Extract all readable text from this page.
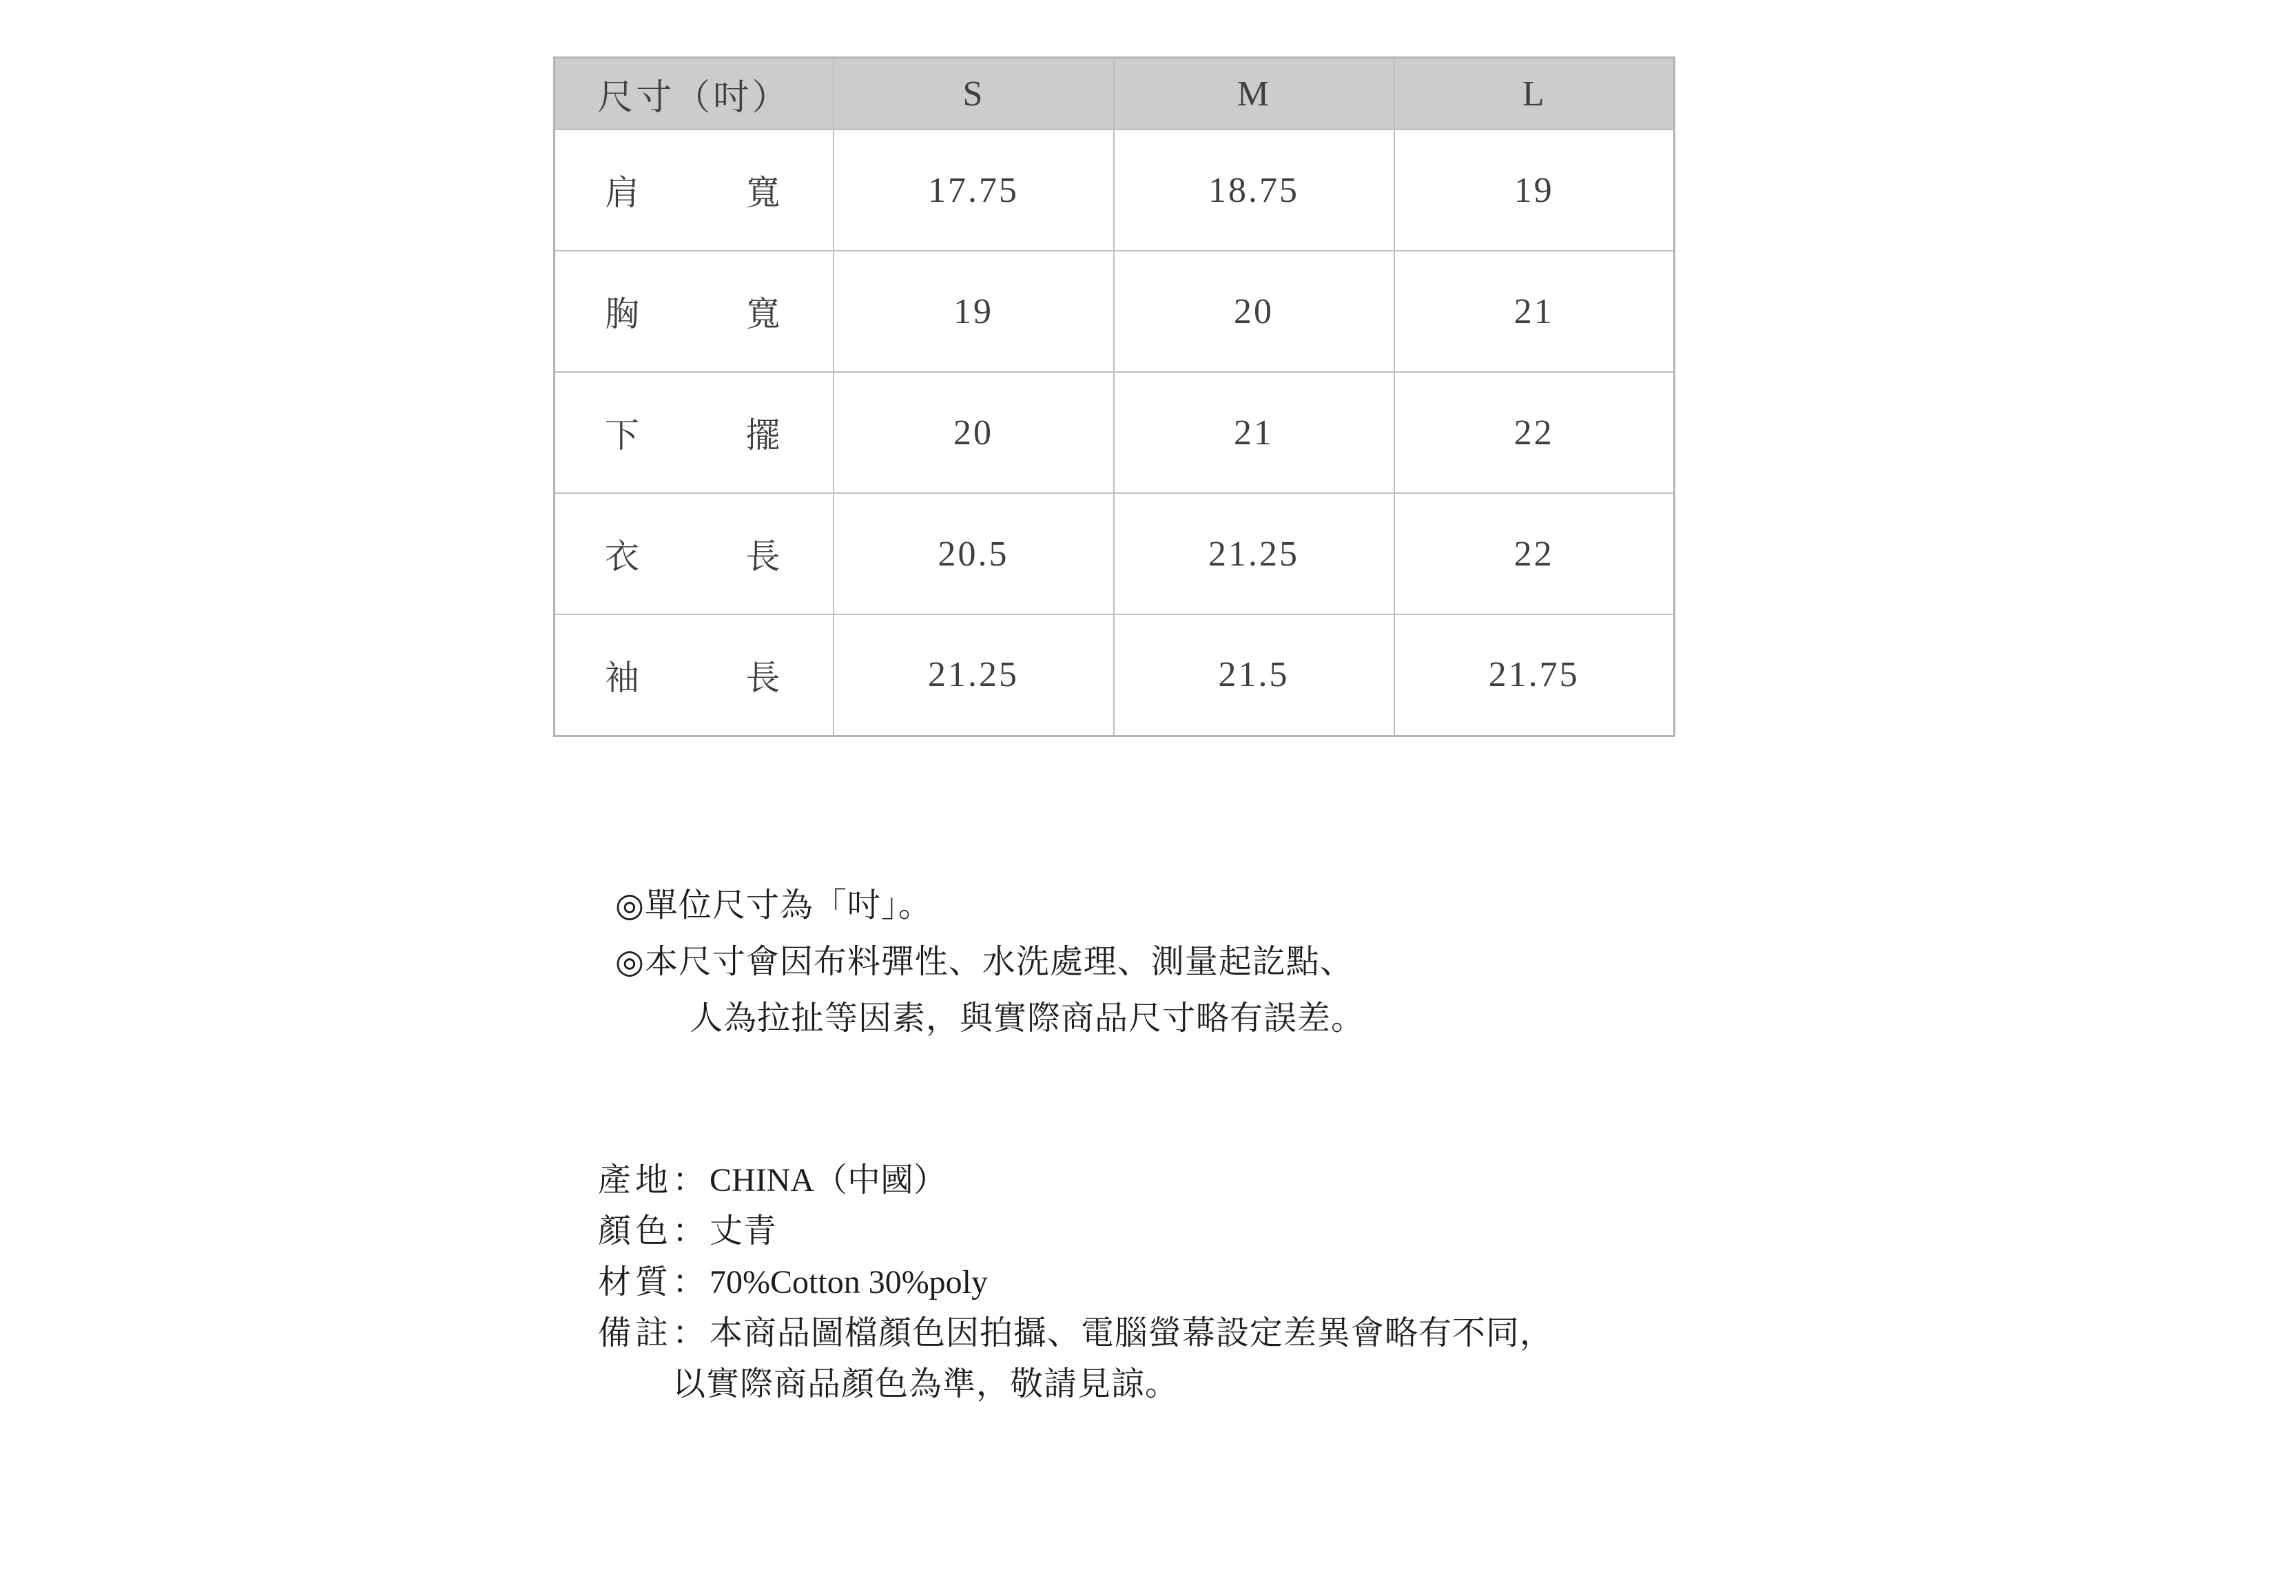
尺寸（吋）	S	M	L

肩 寬	17.75	18.75	19

胸 寬	19	20	21

下 擺	20	21	22

衣 長	20.5	21.25	22

袖 長	21.25	21.5	21.75
◎單位尺寸為「吋」。
◎本尺寸會因布料彈性、水洗處理、測量起訖點、
人為拉扯等因素，與實際商品尺寸略有誤差。
產地：CHINA（中國）
顏色：丈青
材質：70%Cotton 30%poly
備註：本商品圖檔顏色因拍攝、電腦螢幕設定差異會略有不同，
以實際商品顏色為準，敬請見諒。
